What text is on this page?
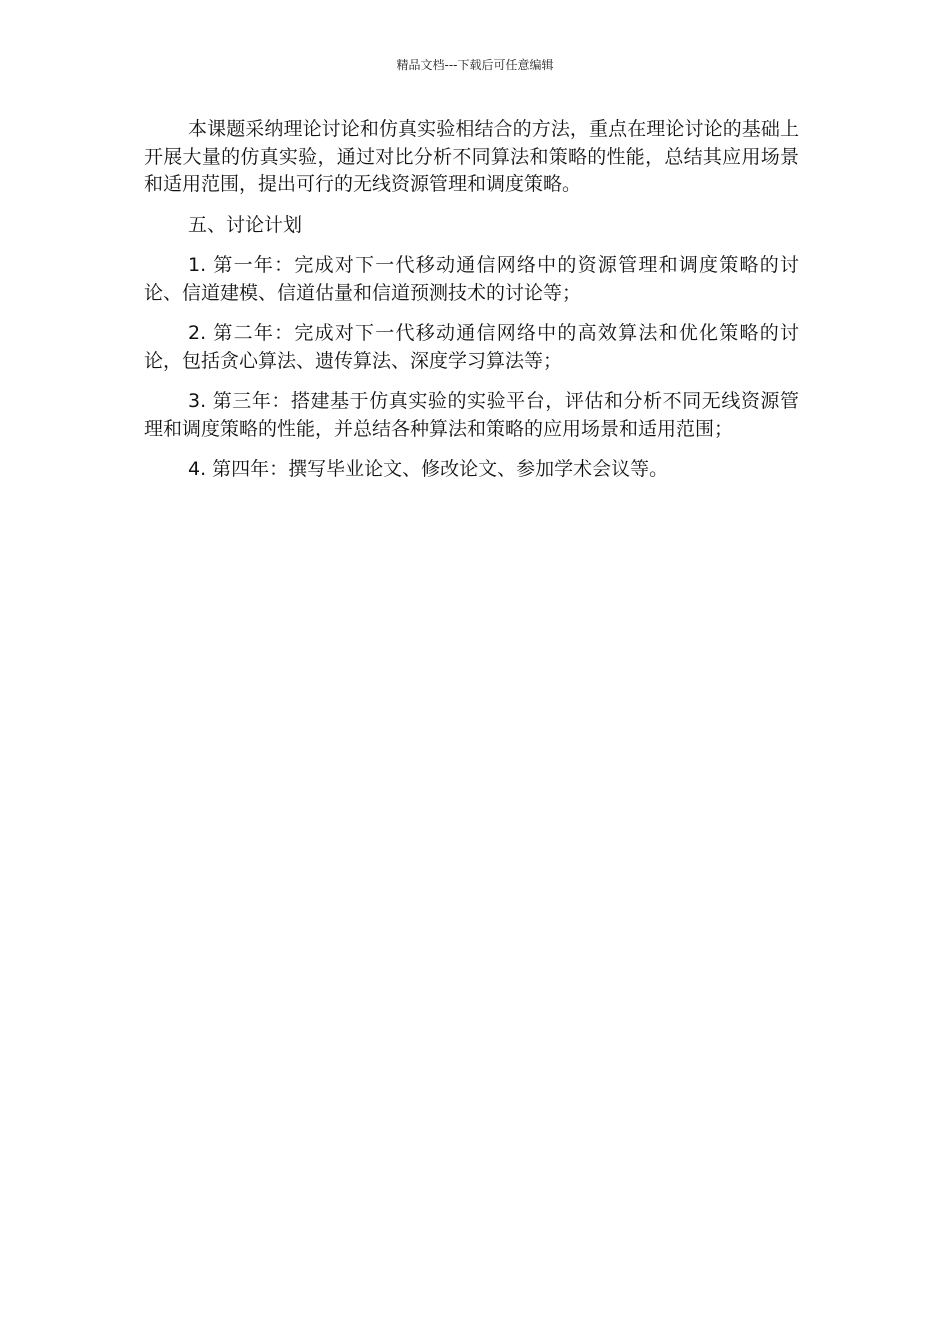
精品文档---下载后可任意编辑

本课题采纳理论讨论和仿真实验相结合的方法，重点在理论讨论的基础上开展大量的仿真实验，通过对比分析不同算法和策略的性能，总结其应用场景和适用范围，提出可行的无线资源管理和调度策略。

五、讨论计划

1. 第一年：完成对下一代移动通信网络中的资源管理和调度策略的讨论、信道建模、信道估量和信道预测技术的讨论等；

2. 第二年：完成对下一代移动通信网络中的高效算法和优化策略的讨论，包括贪心算法、遗传算法、深度学习算法等；

3. 第三年：搭建基于仿真实验的实验平台，评估和分析不同无线资源管理和调度策略的性能，并总结各种算法和策略的应用场景和适用范围；

4. 第四年：撰写毕业论文、修改论文、参加学术会议等。
